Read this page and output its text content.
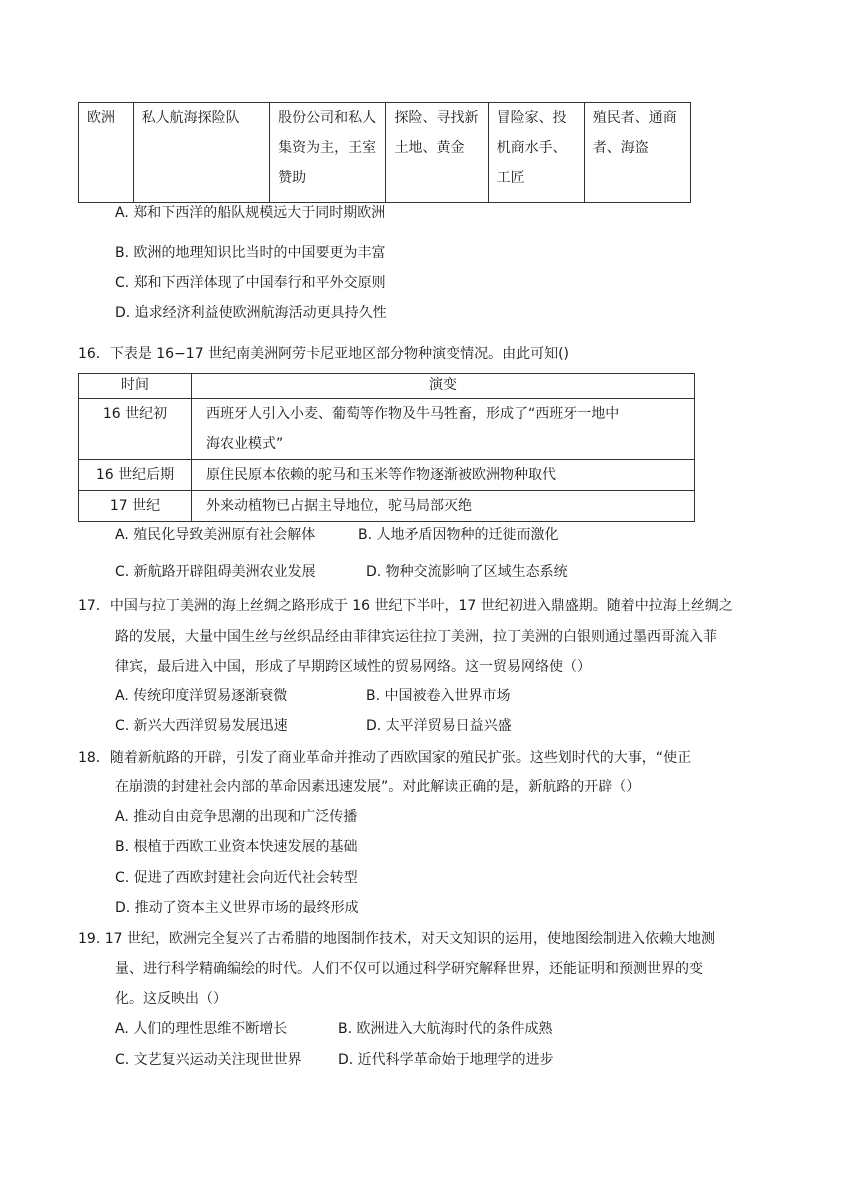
欧洲	私人航海探险队	股份公司和私人集资为主，王室赞助	探险、寻找新土地、黄金	冒险家、投机商水手、工匠	殖民者、通商者、海盗
A. 郑和下西洋的船队规模远大于同时期欧洲
B. 欧洲的地理知识比当时的中国要更为丰富
C. 郑和下西洋体现了中国奉行和平外交原则
D. 追求经济利益使欧洲航海活动更具持久性
16．下表是 16−17 世纪南美洲阿劳卡尼亚地区部分物种演变情况。由此可知()
时间	演变
16 世纪初	西班牙人引入小麦、葡萄等作物及牛马牲畜，形成了“西班牙一地中
海农业模式”

16 世纪后期	原住民原本依赖的驼马和玉米等作物逐渐被欧洲物种取代
17 世纪	外来动植物已占据主导地位，驼马局部灭绝
A. 殖民化导致美洲原有社会解体	B. 人地矛盾因物种的迁徙而激化
C. 新航路开辟阻碍美洲农业发展	D. 物种交流影响了区域生态系统
17．中国与拉丁美洲的海上丝绸之路形成于 16 世纪下半叶，17 世纪初进入鼎盛期。随着中拉海上丝绸之
路的发展，大量中国生丝与丝织品经由菲律宾运往拉丁美洲，拉丁美洲的白银则通过墨西哥流入菲
律宾，最后进入中国，形成了早期跨区域性的贸易网络。这一贸易网络使（）
A. 传统印度洋贸易逐渐衰微	B. 中国被卷入世界市场
C. 新兴大西洋贸易发展迅速	D. 太平洋贸易日益兴盛
18．随着新航路的开辟，引发了商业革命并推动了西欧国家的殖民扩张。这些划时代的大事，“使正
在崩溃的封建社会内部的革命因素迅速发展”。对此解读正确的是，新航路的开辟（）
A. 推动自由竞争思潮的出现和广泛传播
B. 根植于西欧工业资本快速发展的基础
C. 促进了西欧封建社会向近代社会转型
D. 推动了资本主义世界市场的最终形成
19. 17 世纪，欧洲完全复兴了古希腊的地图制作技术，对天文知识的运用，使地图绘制进入依赖大地测
量、进行科学精确编绘的时代。人们不仅可以通过科学研究解释世界，还能证明和预测世界的变
化。这反映出（）
A. 人们的理性思维不断增长	B. 欧洲进入大航海时代的条件成熟
C. 文艺复兴运动关注现世世界	D. 近代科学革命始于地理学的进步
